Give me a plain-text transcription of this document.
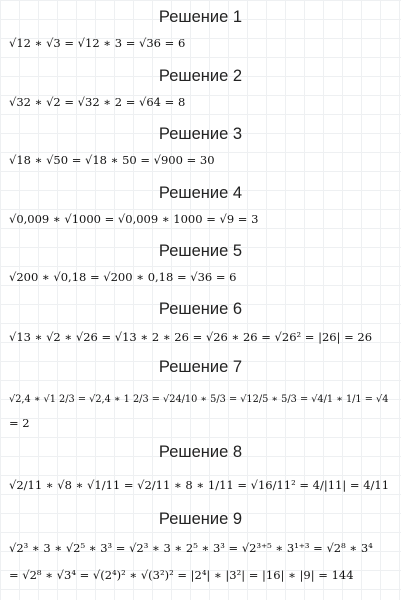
Решение 1
Решение 2
Решение 3
Решение 4
Решение 5
Решение 6
Решение 7
Решение 8
Решение 9
√12 ∗ √3 = √12 ∗ 3 = √36 = 6
√32 ∗ √2 = √32 ∗ 2 = √64 = 8
√18 ∗ √50 = √18 ∗ 50 = √900 = 30
√0,009 ∗ √1000 = √0,009 ∗ 1000 = √9 = 3
√200 ∗ √0,18 = √200 ∗ 0,18 = √36 = 6
√13 ∗ √2 ∗ √26 = √13 ∗ 2 ∗ 26 = √26 ∗ 26 = √26² = |26| = 26
√2,4 ∗ √1 2/3 = √2,4 ∗ 1 2/3 = √24/10 ∗ 5/3 = √12/5 ∗ 5/3 = √4/1 ∗ 1/1 = √4
= 2
√2/11 ∗ √8 ∗ √1/11 = √2/11 ∗ 8 ∗ 1/11 = √16/11² = 4/|11| = 4/11
√2³ ∗ 3 ∗ √2⁵ ∗ 3³ = √2³ ∗ 3 ∗ 2⁵ ∗ 3³ = √2³⁺⁵ ∗ 3¹⁺³ = √2⁸ ∗ 3⁴
= √2⁸ ∗ √3⁴ = √(2⁴)² ∗ √(3²)² = |2⁴| ∗ |3²| = |16| ∗ |9| = 144
